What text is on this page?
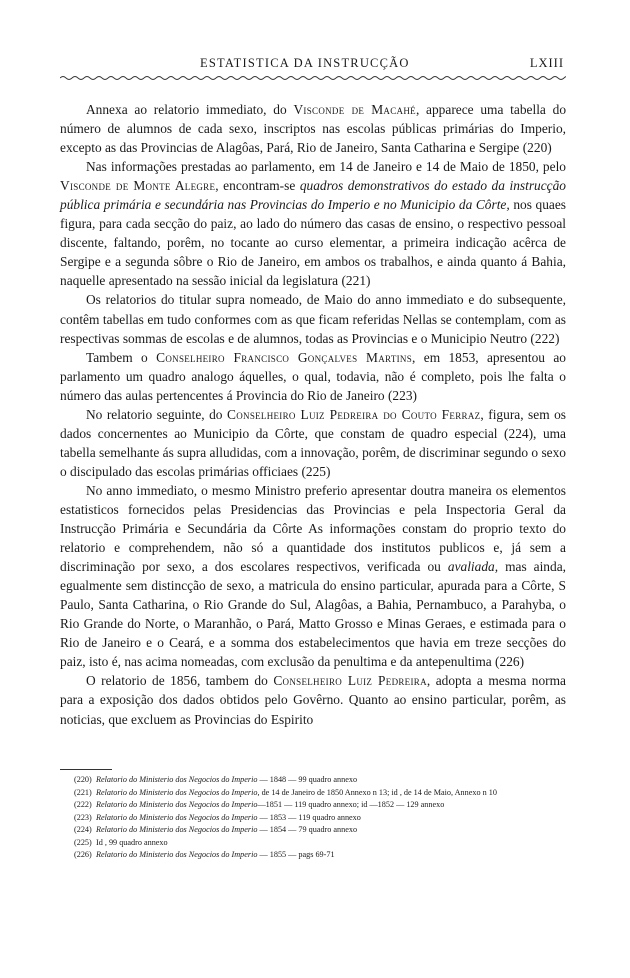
ESTATISTICA DA INSTRUCÇÃO	LXIII

Annexa ao relatorio immediato, do Visconde de Macahé, apparece uma tabella do número de alumnos de cada sexo, inscriptos nas escolas públicas primárias do Imperio, excepto as das Provincias de Alagôas, Pará, Rio de Janeiro, Santa Catharina e Sergipe (220)

Nas informações prestadas ao parlamento, em 14 de Janeiro e 14 de Maio de 1850, pelo Visconde de Monte Alegre, encontram-se quadros demonstrativos do estado da instrucção pública primária e secundária nas Provincias do Imperio e no Municipio da Côrte, nos quaes figura, para cada secção do paiz, ao lado do número das casas de ensino, o respectivo pessoal discente, faltando, porêm, no tocante ao curso elementar, a primeira indicação acêrca de Sergipe e a segunda sôbre o Rio de Janeiro, em ambos os trabalhos, e ainda quanto á Bahia, naquelle apresentado na sessão inicial da legislatura (221)

Os relatorios do titular supra nomeado, de Maio do anno immediato e do subsequente, contêm tabellas em tudo conformes com as que ficam referidas Nellas se contemplam, com as respectivas sommas de escolas e de alumnos, todas as Provincias e o Municipio Neutro (222)

Tambem o Conselheiro Francisco Gonçalves Martins, em 1853, apresentou ao parlamento um quadro analogo áquelles, o qual, todavia, não é completo, pois lhe falta o número das aulas pertencentes á Provincia do Rio de Janeiro (223)

No relatorio seguinte, do Conselheiro Luiz Pedreira do Couto Ferraz, figura, sem os dados concernentes ao Municipio da Côrte, que constam de quadro especial (224), uma tabella semelhante ás supra alludidas, com a innovação, porêm, de discriminar segundo o sexo o discipulado das escolas primárias officiaes (225)

No anno immediato, o mesmo Ministro preferio apresentar doutra maneira os elementos estatisticos fornecidos pelas Presidencias das Provincias e pela Inspectoria Geral da Instrucção Primária e Secundária da Côrte As informações constam do proprio texto do relatorio e comprehendem, não só a quantidade dos institutos publicos e, já sem a discriminação por sexo, a dos escolares respectivos, verificada ou avaliada, mas ainda, egualmente sem distincção de sexo, a matricula do ensino particular, apurada para a Côrte, S Paulo, Santa Catharina, o Rio Grande do Sul, Alagôas, a Bahia, Pernambuco, a Parahyba, o Rio Grande do Norte, o Maranhão, o Pará, Matto Grosso e Minas Geraes, e estimada para o Rio de Janeiro e o Ceará, e a somma dos estabelecimentos que havia em treze secções do paiz, isto é, nas acima nomeadas, com exclusão da penultima e da antepenultima (226)

O relatorio de 1856, tambem do Conselheiro Luiz Pedreira, adopta a mesma norma para a exposição dos dados obtidos pelo Govêrno. Quanto ao ensino particular, porêm, as noticias, que excluem as Provincias do Espirito

(220) Relatorio do Ministerio dos Negocios do Imperio — 1848 — 99 quadro annexo
(221) Relatorio do Ministerio dos Negocios do Imperio, de 14 de Janeiro de 1850 Annexo n 13; id , de 14 de Maio, Annexo n 10
(222) Relatorio do Ministerio dos Negocios do Imperio—1851 — 119 quadro annexo; id —1852 — 129 annexo
(223) Relatorio do Ministerio dos Negocios do Imperio — 1853 — 119 quadro annexo
(224) Relatorio do Ministerio dos Negocios do Imperio — 1854 — 79 quadro annexo
(225) Id , 99 quadro annexo
(226) Relatorio do Ministerio dos Negocios do Imperio — 1855 — pags 69-71
